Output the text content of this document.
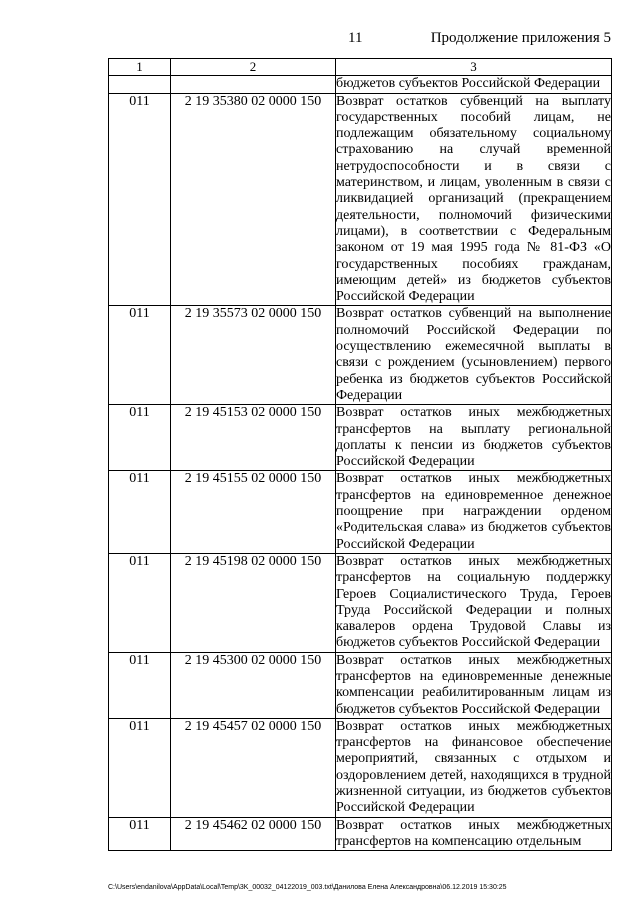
11	Продолжение приложения 5
1	2	3
		бюджетов субъектов Российской Федерации
011	2 19 35380 02 0000 150	Возврат остатков субвенций на выплату государственных пособий лицам, не подлежащим обязательному социальному страхованию на случай временной нетрудоспособности и в связи с материнством, и лицам, уволенным в связи с ликвидацией организаций (прекращением деятельности, полномочий физическими лицами), в соответствии с Федеральным законом от 19 мая 1995 года № 81-ФЗ «О государственных пособиях гражданам, имеющим детей» из бюджетов субъектов Российской Федерации
011	2 19 35573 02 0000 150	Возврат остатков субвенций на выполнение полномочий Российской Федерации по осуществлению ежемесячной выплаты в связи с рождением (усыновлением) первого ребенка из бюджетов субъектов Российской Федерации
011	2 19 45153 02 0000 150	Возврат остатков иных межбюджетных трансфертов на выплату региональной доплаты к пенсии из бюджетов субъектов Российской Федерации
011	2 19 45155 02 0000 150	Возврат остатков иных межбюджетных трансфертов на единовременное денежное поощрение при награждении орденом «Родительская слава» из бюджетов субъектов Российской Федерации
011	2 19 45198 02 0000 150	Возврат остатков иных межбюджетных трансфертов на социальную поддержку Героев Социалистического Труда, Героев Труда Российской Федерации и полных кавалеров ордена Трудовой Славы из бюджетов субъектов Российской Федерации
011	2 19 45300 02 0000 150	Возврат остатков иных межбюджетных трансфертов на единовременные денежные компенсации реабилитированным лицам из бюджетов субъектов Российской Федерации
011	2 19 45457 02 0000 150	Возврат остатков иных межбюджетных трансфертов на финансовое обеспечение мероприятий, связанных с отдыхом и оздоровлением детей, находящихся в трудной жизненной ситуации, из бюджетов субъектов Российской Федерации
011	2 19 45462 02 0000 150	Возврат остатков иных межбюджетных трансфертов на компенсацию отдельным
C:\Users\endanilova\AppData\Local\Temp\3K_00032_04122019_003.txt\Данилова Елена Александровна\06.12.2019 15:30:25
